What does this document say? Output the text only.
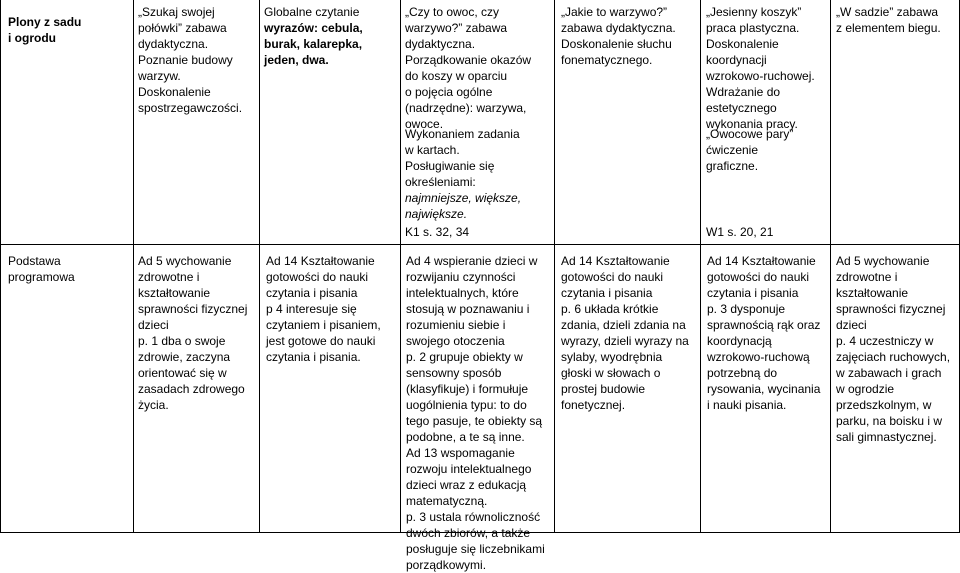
Plony z sadu
i ogrodu
„Szukaj swojej
połówki” zabawa
dydaktyczna.
Poznanie budowy
warzyw.
Doskonalenie
spostrzegawczości.
Globalne czytanie
wyrazów: cebula,
burak, kalarepka,
jeden, dwa.
„Czy to owoc, czy
warzywo?” zabawa
dydaktyczna.
Porządkowanie okazów
do koszy w oparciu
o pojęcia ogólne
(nadrzędne): warzywa,
owoce.
Wykonaniem zadania
w kartach.
Posługiwanie się
określeniami:
najmniejsze, większe,
największe.
K1 s. 32, 34
„Jakie to warzywo?”
zabawa dydaktyczna.
Doskonalenie słuchu
fonematycznego.
„Jesienny koszyk”
praca plastyczna.
Doskonalenie
koordynacji
wzrokowo-ruchowej.
Wdrażanie do
estetycznego
wykonania pracy.
„Owocowe pary”
ćwiczenie
graficzne.
W1 s. 20, 21
„W sadzie” zabawa
z elementem biegu.
Podstawa
programowa
Ad 5 wychowanie
zdrowotne i
kształtowanie
sprawności fizycznej
dzieci
p. 1 dba o swoje
zdrowie, zaczyna
orientować się w
zasadach zdrowego
życia.
Ad 14 Kształtowanie
gotowości do nauki
czytania i pisania
p 4 interesuje się
czytaniem i pisaniem,
jest gotowe do nauki
czytania i pisania.
Ad 4 wspieranie dzieci w
rozwijaniu czynności
intelektualnych, które
stosują w poznawaniu i
rozumieniu siebie i
swojego otoczenia
p. 2 grupuje obiekty w
sensowny sposób
(klasyfikuje) i formułuje
uogólnienia typu: to do
tego pasuje, te obiekty są
podobne, a te są inne.
Ad 13 wspomaganie
rozwoju intelektualnego
dzieci wraz z edukacją
matematyczną.
p. 3 ustala równoliczność
dwóch zbiorów, a także
posługuje się liczebnikami
porządkowymi.
Ad 14 Kształtowanie
gotowości do nauki
czytania i pisania
p. 6 układa krótkie
zdania, dzieli zdania na
wyrazy, dzieli wyrazy na
sylaby, wyodrębnia
głoski w słowach o
prostej budowie
fonetycznej.
Ad 14 Kształtowanie
gotowości do nauki
czytania i pisania
p. 3 dysponuje
sprawnością rąk oraz
koordynacją
wzrokowo-ruchową
potrzebną do
rysowania, wycinania
i nauki pisania.
Ad 5 wychowanie
zdrowotne i
kształtowanie
sprawności fizycznej
dzieci
p. 4 uczestniczy w
zajęciach ruchowych,
w zabawach i grach
w ogrodzie
przedszkolnym, w
parku, na boisku i w
sali gimnastycznej.
